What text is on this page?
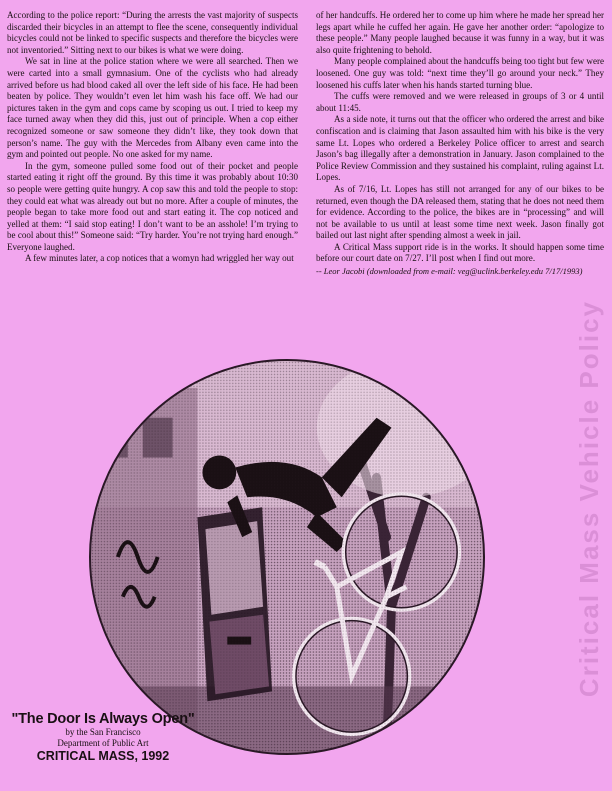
According to the police report: “During the arrests the vast majority of suspects discarded their bicycles in an attempt to flee the scene, consequently individual bicycles could not be linked to specific suspects and therefore the bicycles were not inventoried.” Sitting next to our bikes is what we were doing.

We sat in line at the police station where we were all searched. Then we were carted into a small gymnasium. One of the cyclists who had already arrived before us had blood caked all over the left side of his face. He had been beaten by police. They wouldn’t even let him wash his face off. We had our pictures taken in the gym and cops came by scoping us out. I tried to keep my face turned away when they did this, just out of principle. When a cop either recognized someone or saw someone they didn’t like, they took down that person’s name. The guy with the Mercedes from Albany even came into the gym and pointed out people. No one asked for my name.

In the gym, someone pulled some food out of their pocket and people started eating it right off the ground. By this time it was probably about 10:30 so people were getting quite hungry. A cop saw this and told the people to stop: they could eat what was already out but no more. After a couple of minutes, the people began to take more food out and start eating it. The cop noticed and yelled at them: “I said stop eating! I don’t want to be an asshole! I’m trying to be cool about this!” Someone said: “Try harder. You’re not trying hard enough.” Everyone laughed.

A few minutes later, a cop notices that a womyn had wriggled her way out

of her handcuffs. He ordered her to come up him where he made her spread her legs apart while he cuffed her again. He gave her another order: “apologize to these people.” Many people laughed because it was funny in a way, but it was also quite frightening to behold.

Many people complained about the handcuffs being too tight but few were loosened. One guy was told: “next time they’ll go around your neck.” They loosened his cuffs later when his hands started turning blue.

The cuffs were removed and we were released in groups of 3 or 4 until about 11:45.

As a side note, it turns out that the officer who ordered the arrest and bike confiscation and is claiming that Jason assaulted him with his bike is the very same Lt. Lopes who ordered a Berkeley Police officer to arrest and search Jason’s bag illegally after a demonstration in January. Jason complained to the Police Review Commission and they sustained his complaint, ruling against Lt. Lopes.

As of 7/16, Lt. Lopes has still not arranged for any of our bikes to be returned, even though the DA released them, stating that he does not need them for evidence. According to the police, the bikes are in “processing” and will not be available to us until at least some time next week. Jason finally got bailed out last night after spending almost a week in jail.

A Critical Mass support ride is in the works. It should happen some time before our court date on 7/27. I’ll post when I find out more.

-- Leor Jacobi (downloaded from e-mail: veg@uclink.berkeley.edu 7/17/1993)

Critical Mass Vehicle Policy
"The Door Is Always Open"
by the San Francisco
Department of Public Art
CRITICAL MASS, 1992
